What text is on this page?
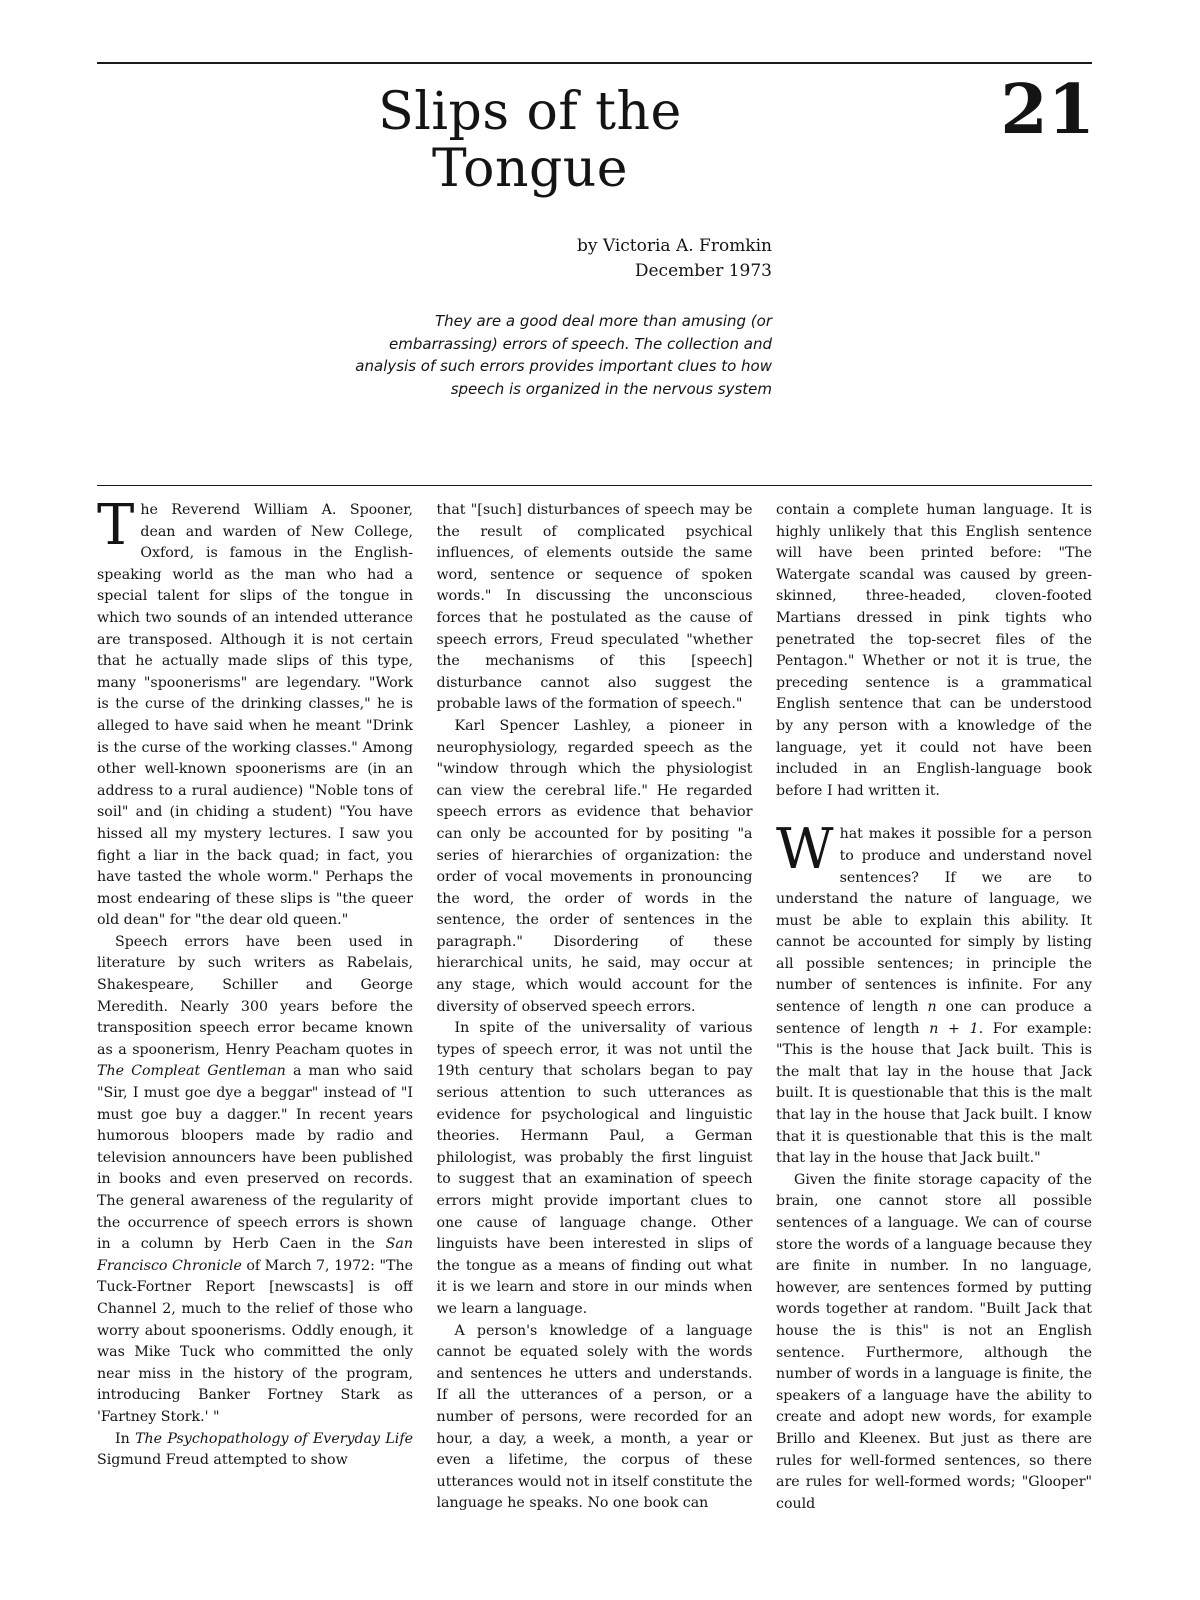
Slips of the Tongue
21
by Victoria A. Fromkin
December 1973
They are a good deal more than amusing (or embarrassing) errors of speech. The collection and analysis of such errors provides important clues to how speech is organized in the nervous system

The Reverend William A. Spooner, dean and warden of New College, Oxford, is famous in the English-speaking world as the man who had a special talent for slips of the tongue in which two sounds of an intended utterance are transposed. Although it is not certain that he actually made slips of this type, many "spoonerisms" are legendary. "Work is the curse of the drinking classes," he is alleged to have said when he meant "Drink is the curse of the working classes." Among other well-known spoonerisms are (in an address to a rural audience) "Noble tons of soil" and (in chiding a student) "You have hissed all my mystery lectures. I saw you fight a liar in the back quad; in fact, you have tasted the whole worm." Perhaps the most endearing of these slips is "the queer old dean" for "the dear old queen."

Speech errors have been used in literature by such writers as Rabelais, Shakespeare, Schiller and George Meredith. Nearly 300 years before the transposition speech error became known as a spoonerism, Henry Peacham quotes in The Compleat Gentleman a man who said "Sir, I must goe dye a beggar" instead of "I must goe buy a dagger." In recent years humorous bloopers made by radio and television announcers have been published in books and even preserved on records. The general awareness of the regularity of the occurrence of speech errors is shown in a column by Herb Caen in the San Francisco Chronicle of March 7, 1972: "The Tuck-Fortner Report [newscasts] is off Channel 2, much to the relief of those who worry about spoonerisms. Oddly enough, it was Mike Tuck who committed the only near miss in the history of the program, introducing Banker Fortney Stark as 'Fartney Stork.' "

In The Psychopathology of Everyday Life Sigmund Freud attempted to show

that "[such] disturbances of speech may be the result of complicated psychical influences, of elements outside the same word, sentence or sequence of spoken words." In discussing the unconscious forces that he postulated as the cause of speech errors, Freud speculated "whether the mechanisms of this [speech] disturbance cannot also suggest the probable laws of the formation of speech."

Karl Spencer Lashley, a pioneer in neurophysiology, regarded speech as the "window through which the physiologist can view the cerebral life." He regarded speech errors as evidence that behavior can only be accounted for by positing "a series of hierarchies of organization: the order of vocal movements in pronouncing the word, the order of words in the sentence, the order of sentences in the paragraph." Disordering of these hierarchical units, he said, may occur at any stage, which would account for the diversity of observed speech errors.

In spite of the universality of various types of speech error, it was not until the 19th century that scholars began to pay serious attention to such utterances as evidence for psychological and linguistic theories. Hermann Paul, a German philologist, was probably the first linguist to suggest that an examination of speech errors might provide important clues to one cause of language change. Other linguists have been interested in slips of the tongue as a means of finding out what it is we learn and store in our minds when we learn a language.

A person's knowledge of a language cannot be equated solely with the words and sentences he utters and understands. If all the utterances of a person, or a number of persons, were recorded for an hour, a day, a week, a month, a year or even a lifetime, the corpus of these utterances would not in itself constitute the language he speaks. No one book can

contain a complete human language. It is highly unlikely that this English sentence will have been printed before: "The Watergate scandal was caused by green-skinned, three-headed, cloven-footed Martians dressed in pink tights who penetrated the top-secret files of the Pentagon." Whether or not it is true, the preceding sentence is a grammatical English sentence that can be understood by any person with a knowledge of the language, yet it could not have been included in an English-language book before I had written it.

What makes it possible for a person to produce and understand novel sentences? If we are to understand the nature of language, we must be able to explain this ability. It cannot be accounted for simply by listing all possible sentences; in principle the number of sentences is infinite. For any sentence of length n one can produce a sentence of length n + 1. For example: "This is the house that Jack built. This is the malt that lay in the house that Jack built. It is questionable that this is the malt that lay in the house that Jack built. I know that it is questionable that this is the malt that lay in the house that Jack built."

Given the finite storage capacity of the brain, one cannot store all possible sentences of a language. We can of course store the words of a language because they are finite in number. In no language, however, are sentences formed by putting words together at random. "Built Jack that house the is this" is not an English sentence. Furthermore, although the number of words in a language is finite, the speakers of a language have the ability to create and adopt new words, for example Brillo and Kleenex. But just as there are rules for well-formed sentences, so there are rules for well-formed words; "Glooper" could
